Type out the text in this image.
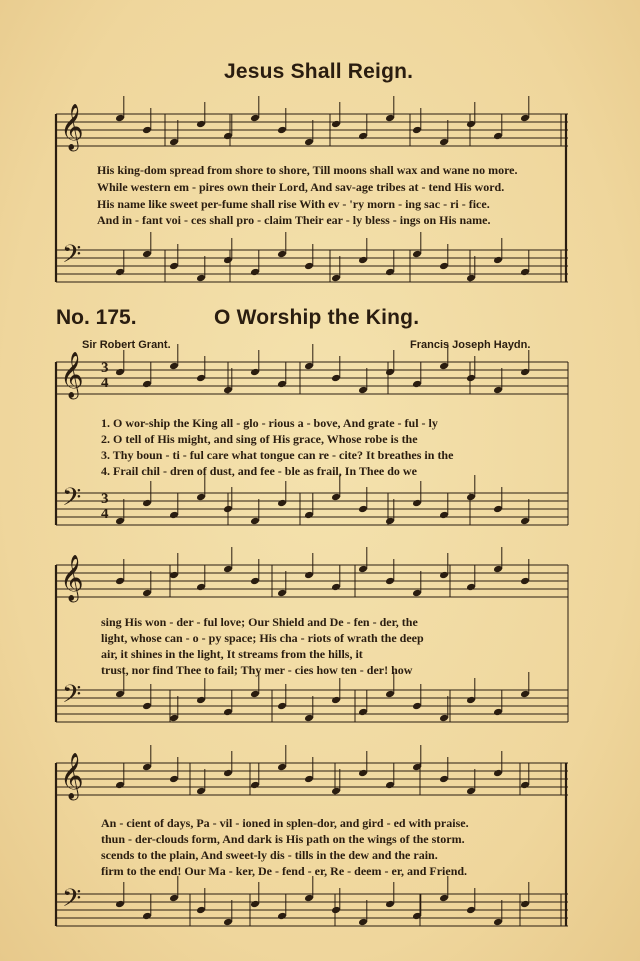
𝄞
𝄢
𝄞
𝄢
𝄞
𝄢
𝄞
𝄢
3
4
3
4
Jesus Shall Reign.
His king-dom spread from shore to shore, Till moons shall wax and wane no more.
While western em - pires own their Lord, And sav-age tribes at - tend His word.
His name like sweet per-fume shall rise With ev - 'ry morn - ing sac - ri - fice.
And in - fant voi - ces shall pro - claim Their ear - ly bless - ings on His name.
No. 175.	O Worship the King.
Sir Robert Grant.	Francis Joseph Haydn.
1. O wor-ship the King all - glo - rious a - bove, And grate - ful - ly
2. O tell of His might, and sing of His grace, Whose robe is the
3. Thy boun - ti - ful care what tongue can re - cite? It breathes in the
4. Frail chil - dren of dust, and fee - ble as frail, In Thee do we
sing His won - der - ful love; Our Shield and De - fen - der, the
light, whose can - o - py space; His cha - riots of wrath the deep
air, it shines in the light, It streams from the hills, it
trust, nor find Thee to fail; Thy mer - cies how ten - der! how
An - cient of days, Pa - vil - ioned in splen-dor, and gird - ed with praise.
thun - der-clouds form, And dark is His path on the wings of the storm.
scends to the plain, And sweet-ly dis - tills in the dew and the rain.
firm to the end! Our Ma - ker, De - fend - er, Re - deem - er, and Friend.
